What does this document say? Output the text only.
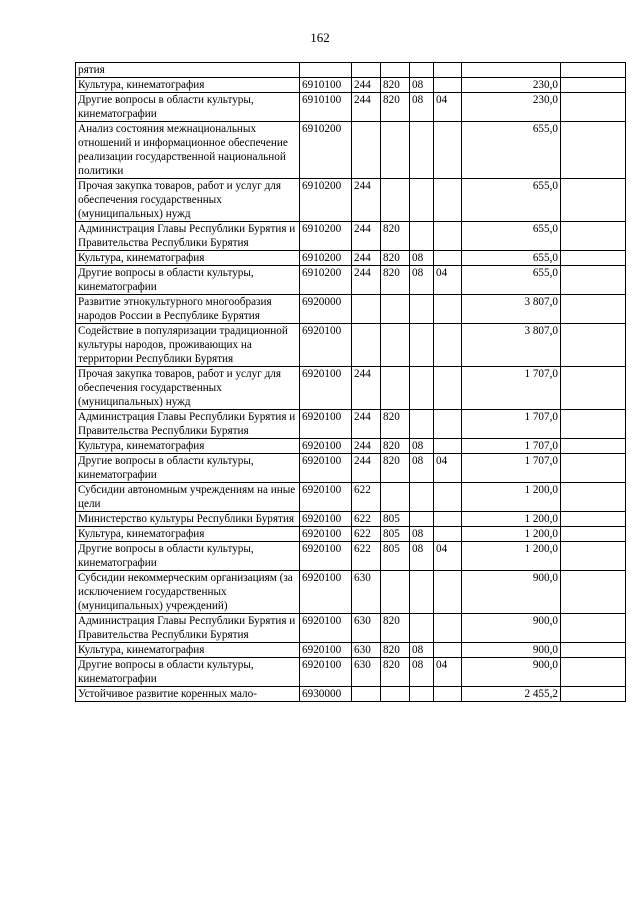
162
рятия							
Культура, кинематография	6910100	244	820	08		230,0	
Другие вопросы в области культуры, кинематографии	6910100	244	820	08	04	230,0	
Анализ состояния межнациональных отношений и информационное обеспечение реализации государственной национальной политики	6910200					655,0	
Прочая закупка товаров, работ и услуг для обеспечения государственных (муниципальных) нужд	6910200	244				655,0	
Администрация Главы Республики Бурятия и Правительства Республики Бурятия	6910200	244	820			655,0	
Культура, кинематография	6910200	244	820	08		655,0	
Другие вопросы в области культуры, кинематографии	6910200	244	820	08	04	655,0	
Развитие этнокультурного многообразия народов России в Республике Бурятия	6920000					3 807,0	
Содействие в популяризации традиционной культуры народов, проживающих на территории Республики Бурятия	6920100					3 807,0	
Прочая закупка товаров, работ и услуг для обеспечения государственных (муниципальных) нужд	6920100	244				1 707,0	
Администрация Главы Республики Бурятия и Правительства Республики Бурятия	6920100	244	820			1 707,0	
Культура, кинематография	6920100	244	820	08		1 707,0	
Другие вопросы в области культуры, кинематографии	6920100	244	820	08	04	1 707,0	
Субсидии автономным учреждениям на иные цели	6920100	622				1 200,0	
Министерство культуры Республики Бурятия	6920100	622	805			1 200,0	
Культура, кинематография	6920100	622	805	08		1 200,0	
Другие вопросы в области культуры, кинематографии	6920100	622	805	08	04	1 200,0	
Субсидии некоммерческим организациям (за исключением государственных (муниципальных) учреждений)	6920100	630				900,0	
Администрация Главы Республики Бурятия и Правительства Республики Бурятия	6920100	630	820			900,0	
Культура, кинематография	6920100	630	820	08		900,0	
Другие вопросы в области культуры, кинематографии	6920100	630	820	08	04	900,0	
Устойчивое развитие коренных мало-	6930000					2 455,2	
